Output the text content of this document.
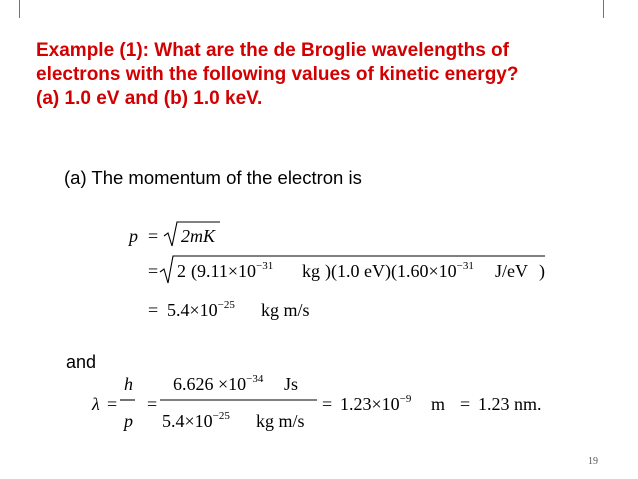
Example (1): What are the de Broglie wavelengths of
electrons with the following values of kinetic energy?
(a) 1.0 eV and (b) 1.0 keV.
(a) The momentum of the electron is
p = 2mK
= 2 ( $9.11\times 10^{-31}$ kg )( 1.0 eV )( $1.60\times 10^{-31}$ J/eV )
= $5.4\times 10^{-25}$ kg m/s
and
λ =
h
p
=
$6.626 \times 10^{-34}$ Js
$5.4\times 10^{-25}$ kg m/s
= $1.23\times 10^{-9}$ m = 1.23 nm.
19
